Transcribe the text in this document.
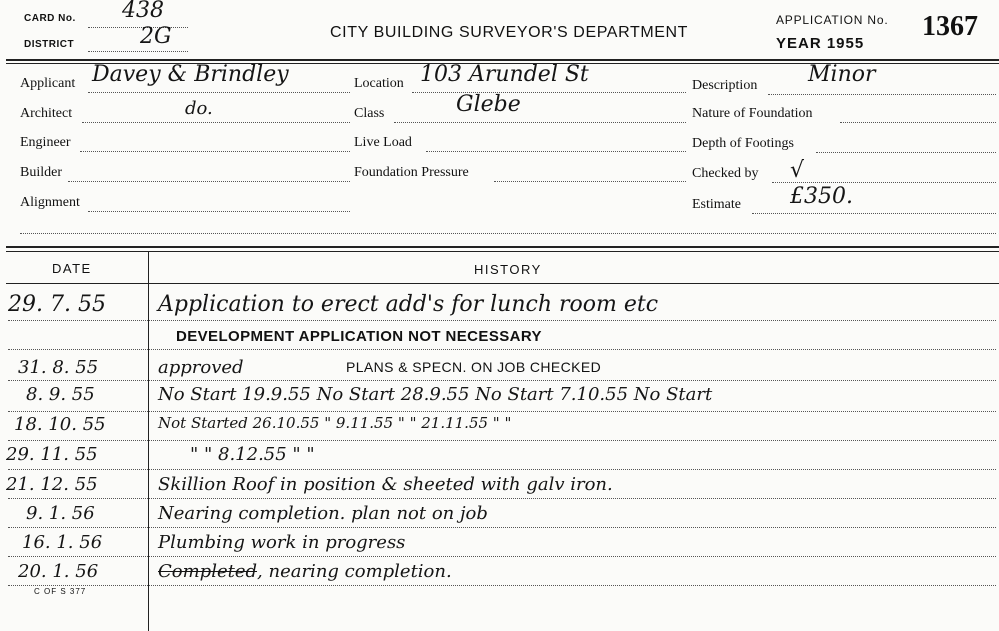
CARD No. 438
DISTRICT	2G	CITY BUILDING SURVEYOR'S DEPARTMENT
APPLICATION No. 1367
YEAR 1955
Applicant Davey & Brindley
Architect	do.
Engineer
Builder
Alignment
Location 103 Arundel St
Class	Glebe
Live Load
Foundation Pressure
Description Minor
Nature of Foundation
Depth of Footings
Checked by √
Estimate £350.
DATE	HISTORY
29. 7. 55 Application to erect add's for lunch room etc
DEVELOPMENT APPLICATION NOT NECESSARY
31. 8. 55	approved	PLANS & SPECN. ON JOB CHECKED
8. 9. 55	No Start 19.9.55 No Start 28.9.55 No Start 7.10.55 No Start
18. 10. 55	Not Started 26.10.55 " 9.11.55 " " 21.11.55 " "
29. 11. 55	" " 8.12.55 " "
21. 12. 55	Skillion Roof in position & sheeted with galv iron.
9. 1. 56	Nearing completion. plan not on job
16. 1. 56	Plumbing work in progress
20. 1. 56	Completed, nearing completion.
C OF S 377
